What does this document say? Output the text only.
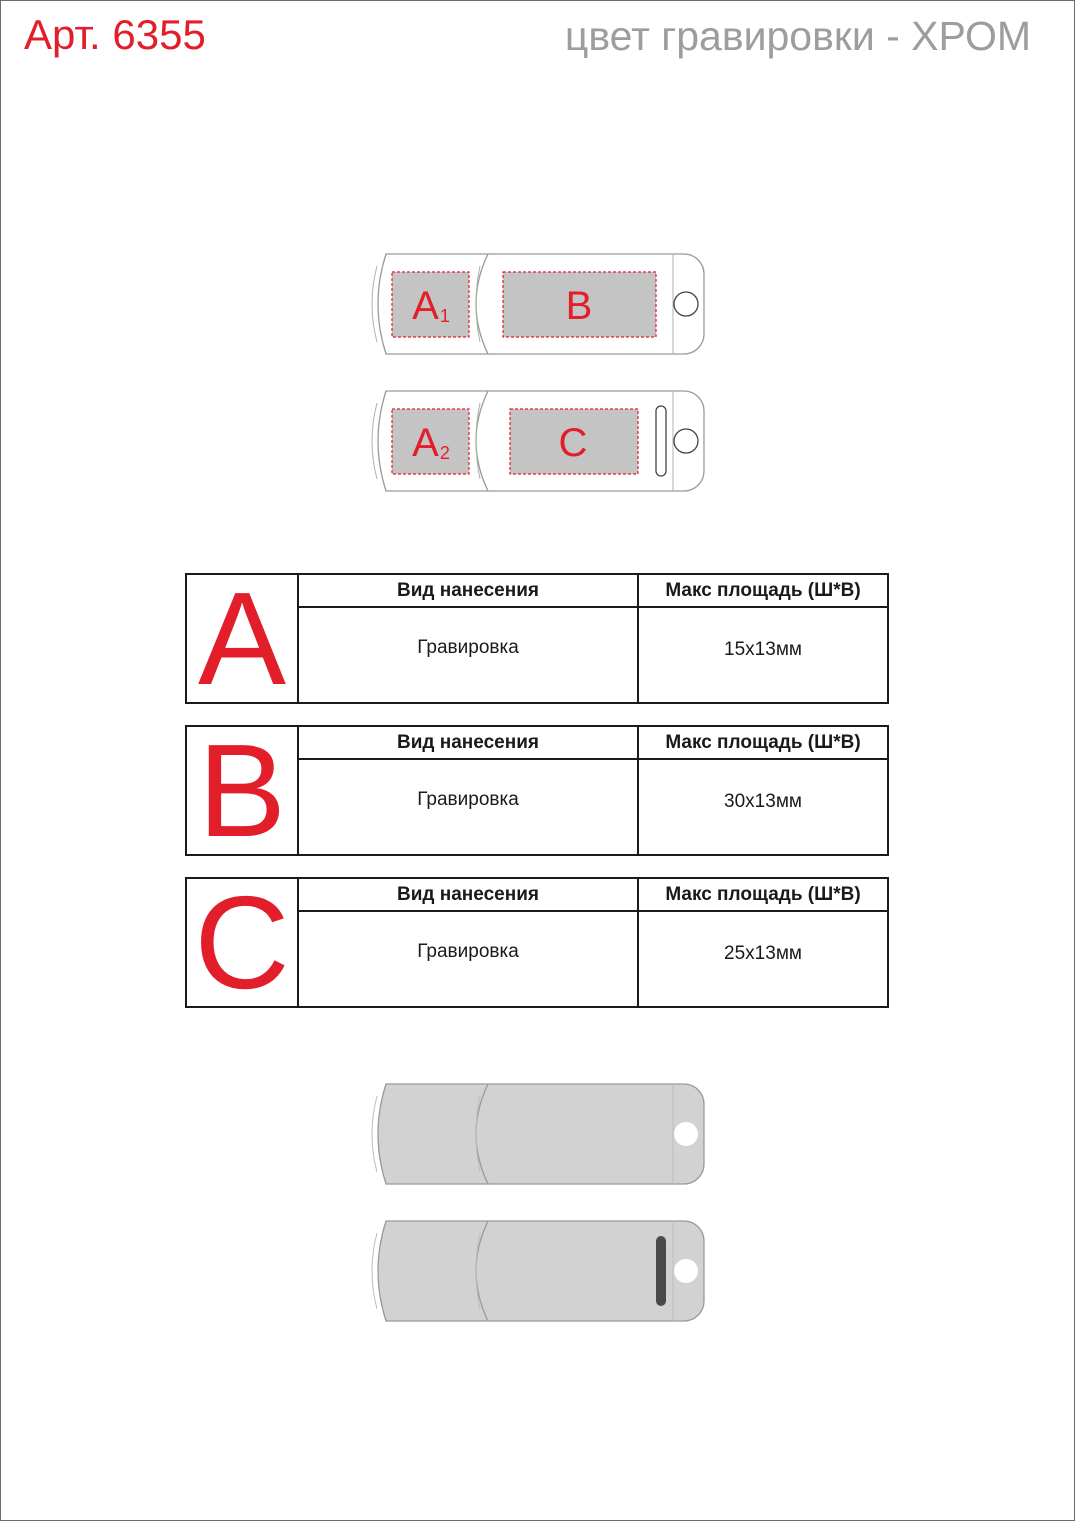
Арт. 6355	цвет гравировки - ХРОМ
$A_1$	B
$A_2$	C
A	Вид нанесения	Макс площадь (Ш*В)
Гравировка	15x13мм
B	Вид нанесения	Макс площадь (Ш*В)
Гравировка	30x13мм
C	Вид нанесения	Макс площадь (Ш*В)
Гравировка	25x13мм
